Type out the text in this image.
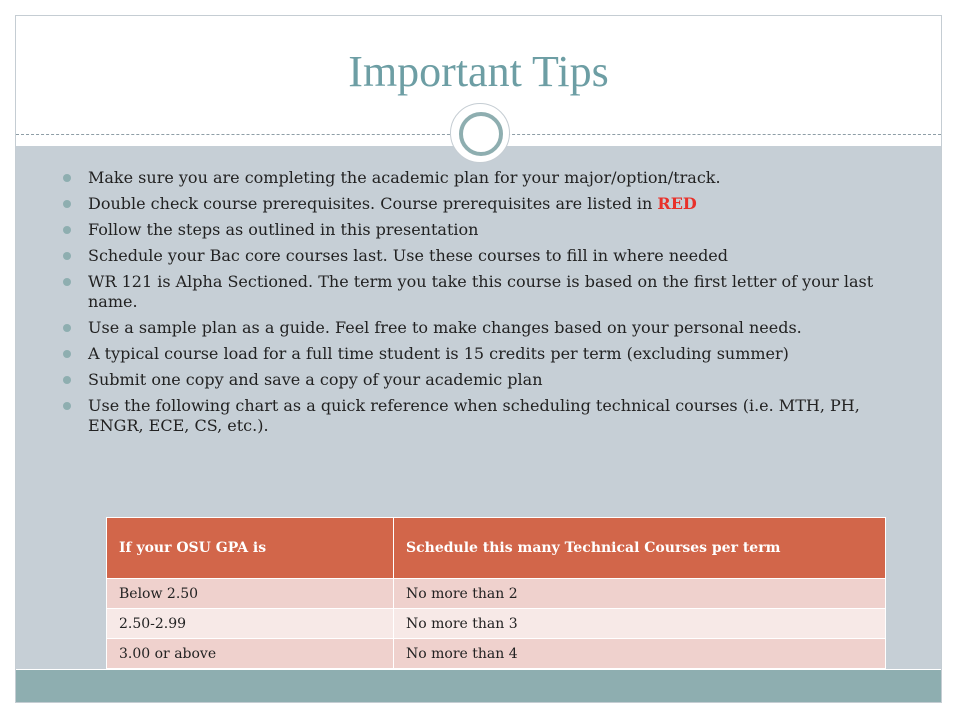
Important Tips
Make sure you are completing the academic plan for your major/option/track.
Double check course prerequisites. Course prerequisites are listed in RED
Follow the steps as outlined in this presentation
Schedule your Bac core courses last. Use these courses to fill in where needed
WR 121 is Alpha Sectioned. The term you take this course is based on the first letter of your last name.
Use a sample plan as a guide. Feel free to make changes based on your personal needs.
A typical course load for a full time student is 15 credits per term (excluding summer)
Submit one copy and save a copy of your academic plan
Use the following chart as a quick reference when scheduling technical courses (i.e. MTH, PH, ENGR, ECE, CS, etc.).
If your OSU GPA is	Schedule this many Technical Courses per term
Below 2.50	No more than 2
2.50-2.99	No more than 3
3.00 or above	No more than 4
